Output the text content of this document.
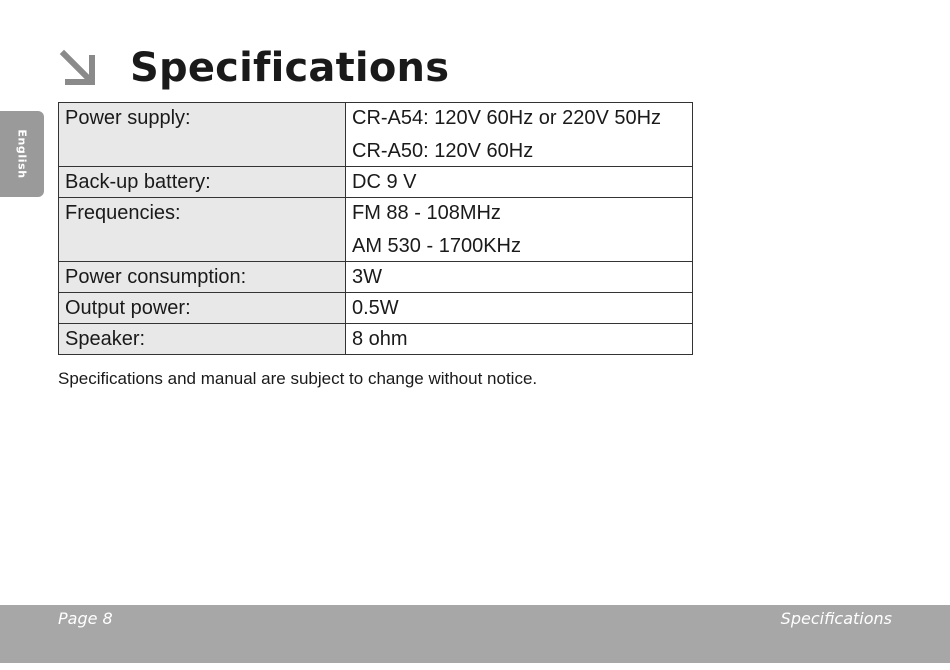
English
Specifications
Power supply:	CR-A54: 120V 60Hz or 220V 50Hz
CR-A50: 120V 60Hz

Back-up battery:	DC 9 V

Frequencies:	FM 88 - 108MHz
AM 530 - 1700KHz

Power consumption:	3W

Output power:	0.5W

Speaker:	8 ohm
Specifications and manual are subject to change without notice.
Page 8	Specifications
